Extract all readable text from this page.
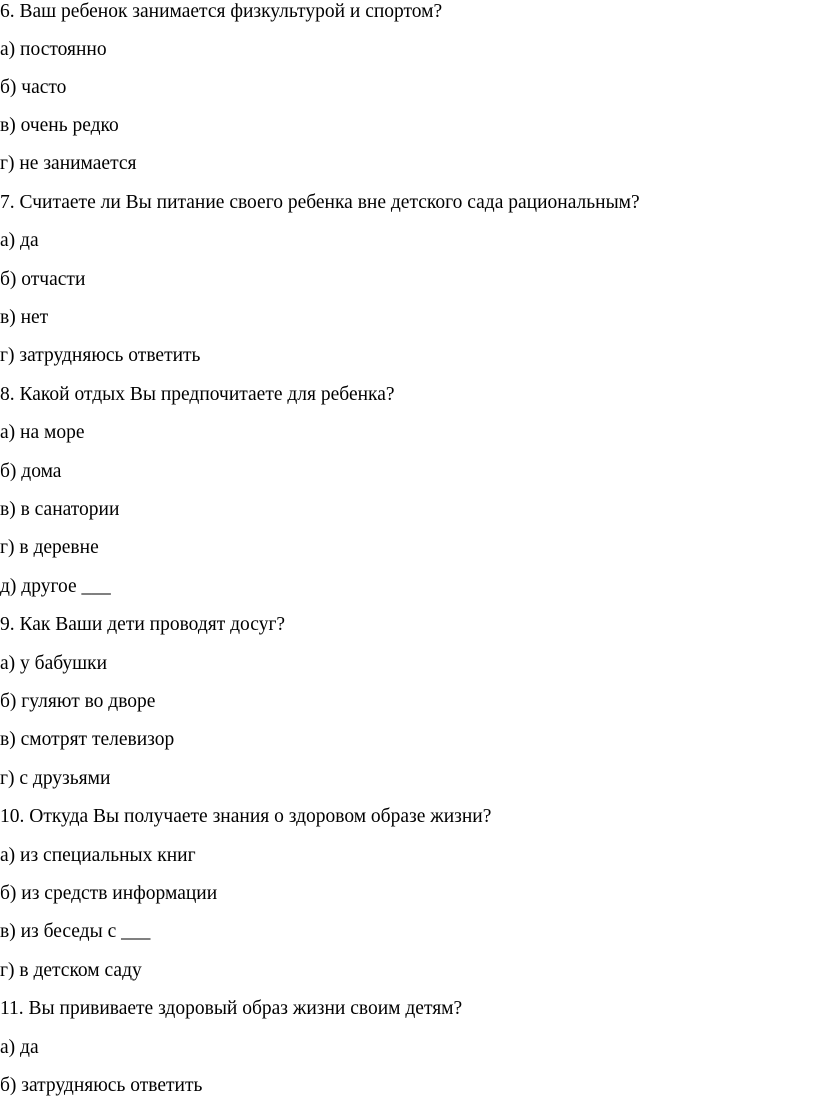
6. Ваш ребенок занимается физкультурой и спортом?

а) постоянно

б) часто

в) очень редко

г) не занимается

7. Считаете ли Вы питание своего ребенка вне детского сада рациональным?

а) да

б) отчасти

в) нет

г) затрудняюсь ответить

8. Какой отдых Вы предпочитаете для ребенка?

а) на море

б) дома

в) в санатории

г) в деревне

д) другое ___

9. Как Ваши дети проводят досуг?

а) у бабушки

б) гуляют во дворе

в) смотрят телевизор

г) с друзьями

10. Откуда Вы получаете знания о здоровом образе жизни?

а) из специальных книг

б) из средств информации

в) из беседы с ___

г) в детском саду

11. Вы прививаете здоровый образ жизни своим детям?

а) да

б) затрудняюсь ответить
